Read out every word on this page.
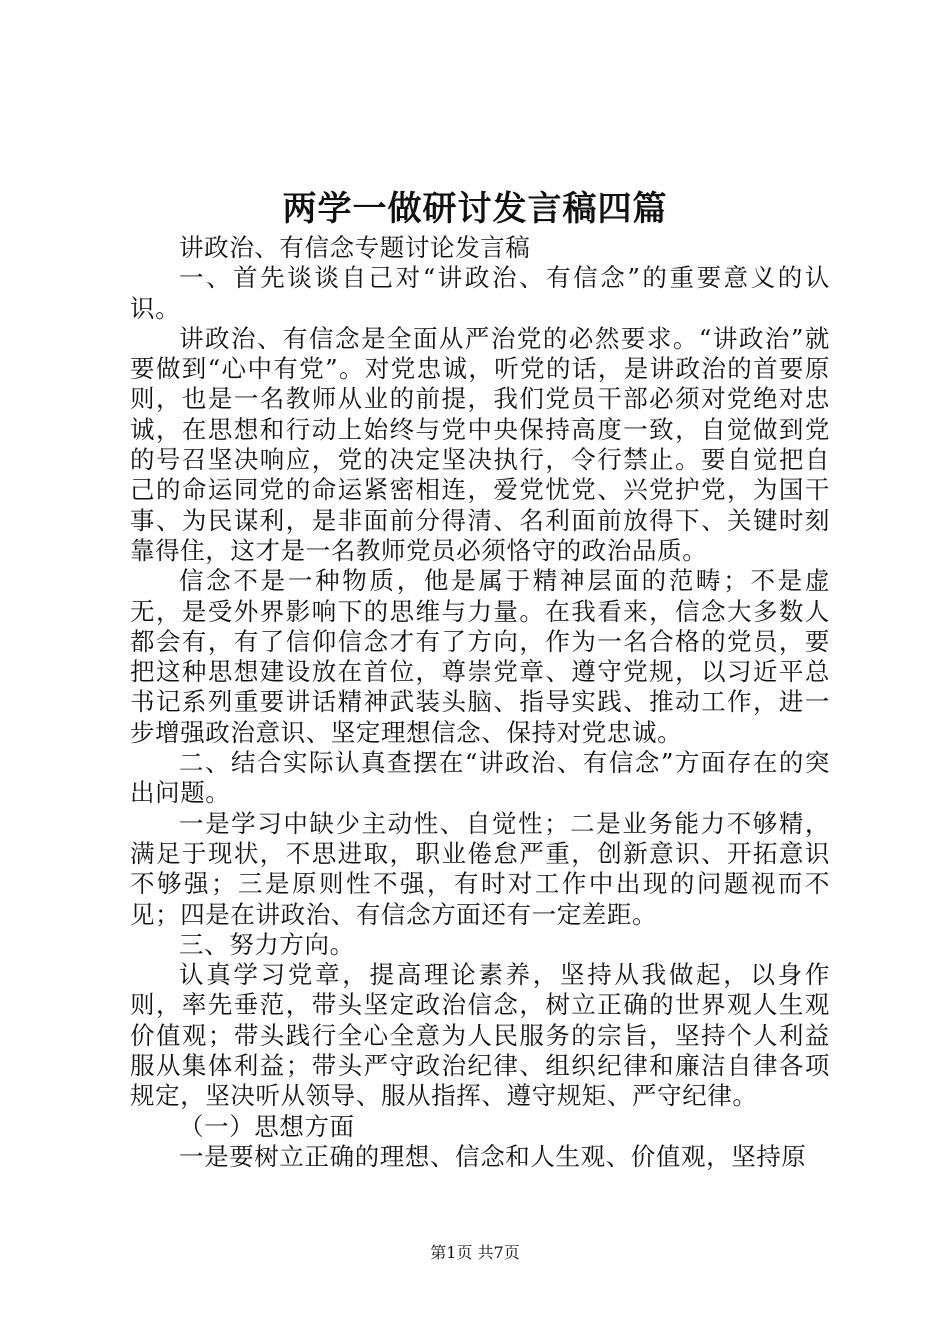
两学一做研讨发言稿四篇

讲政治、有信念专题讨论发言稿

一、首先谈谈自己对“讲政治、有信念”的重要意义的认识。

讲政治、有信念是全面从严治党的必然要求。“讲政治”就要做到“心中有党”。对党忠诚，听党的话，是讲政治的首要原则，也是一名教师从业的前提，我们党员干部必须对党绝对忠诚，在思想和行动上始终与党中央保持高度一致，自觉做到党的号召坚决响应，党的决定坚决执行，令行禁止。要自觉把自己的命运同党的命运紧密相连，爱党忧党、兴党护党，为国干事、为民谋利，是非面前分得清、名利面前放得下、关键时刻靠得住，这才是一名教师党员必须恪守的政治品质。

信念不是一种物质，他是属于精神层面的范畴；不是虚无，是受外界影响下的思维与力量。在我看来，信念大多数人都会有，有了信仰信念才有了方向，作为一名合格的党员，要把这种思想建设放在首位，尊崇党章、遵守党规，以习近平总书记系列重要讲话精神武装头脑、指导实践、推动工作，进一步增强政治意识、坚定理想信念、保持对党忠诚。

二、结合实际认真查摆在“讲政治、有信念”方面存在的突出问题。

一是学习中缺少主动性、自觉性；二是业务能力不够精，满足于现状，不思进取，职业倦怠严重，创新意识、开拓意识不够强；三是原则性不强，有时对工作中出现的问题视而不见；四是在讲政治、有信念方面还有一定差距。

三、努力方向。

认真学习党章，提高理论素养，坚持从我做起，以身作则，率先垂范，带头坚定政治信念，树立正确的世界观人生观价值观；带头践行全心全意为人民服务的宗旨，坚持个人利益服从集体利益；带头严守政治纪律、组织纪律和廉洁自律各项规定，坚决听从领导、服从指挥、遵守规矩、严守纪律。

（一）思想方面

一是要树立正确的理想、信念和人生观、价值观，坚持原

第1页 共7页
